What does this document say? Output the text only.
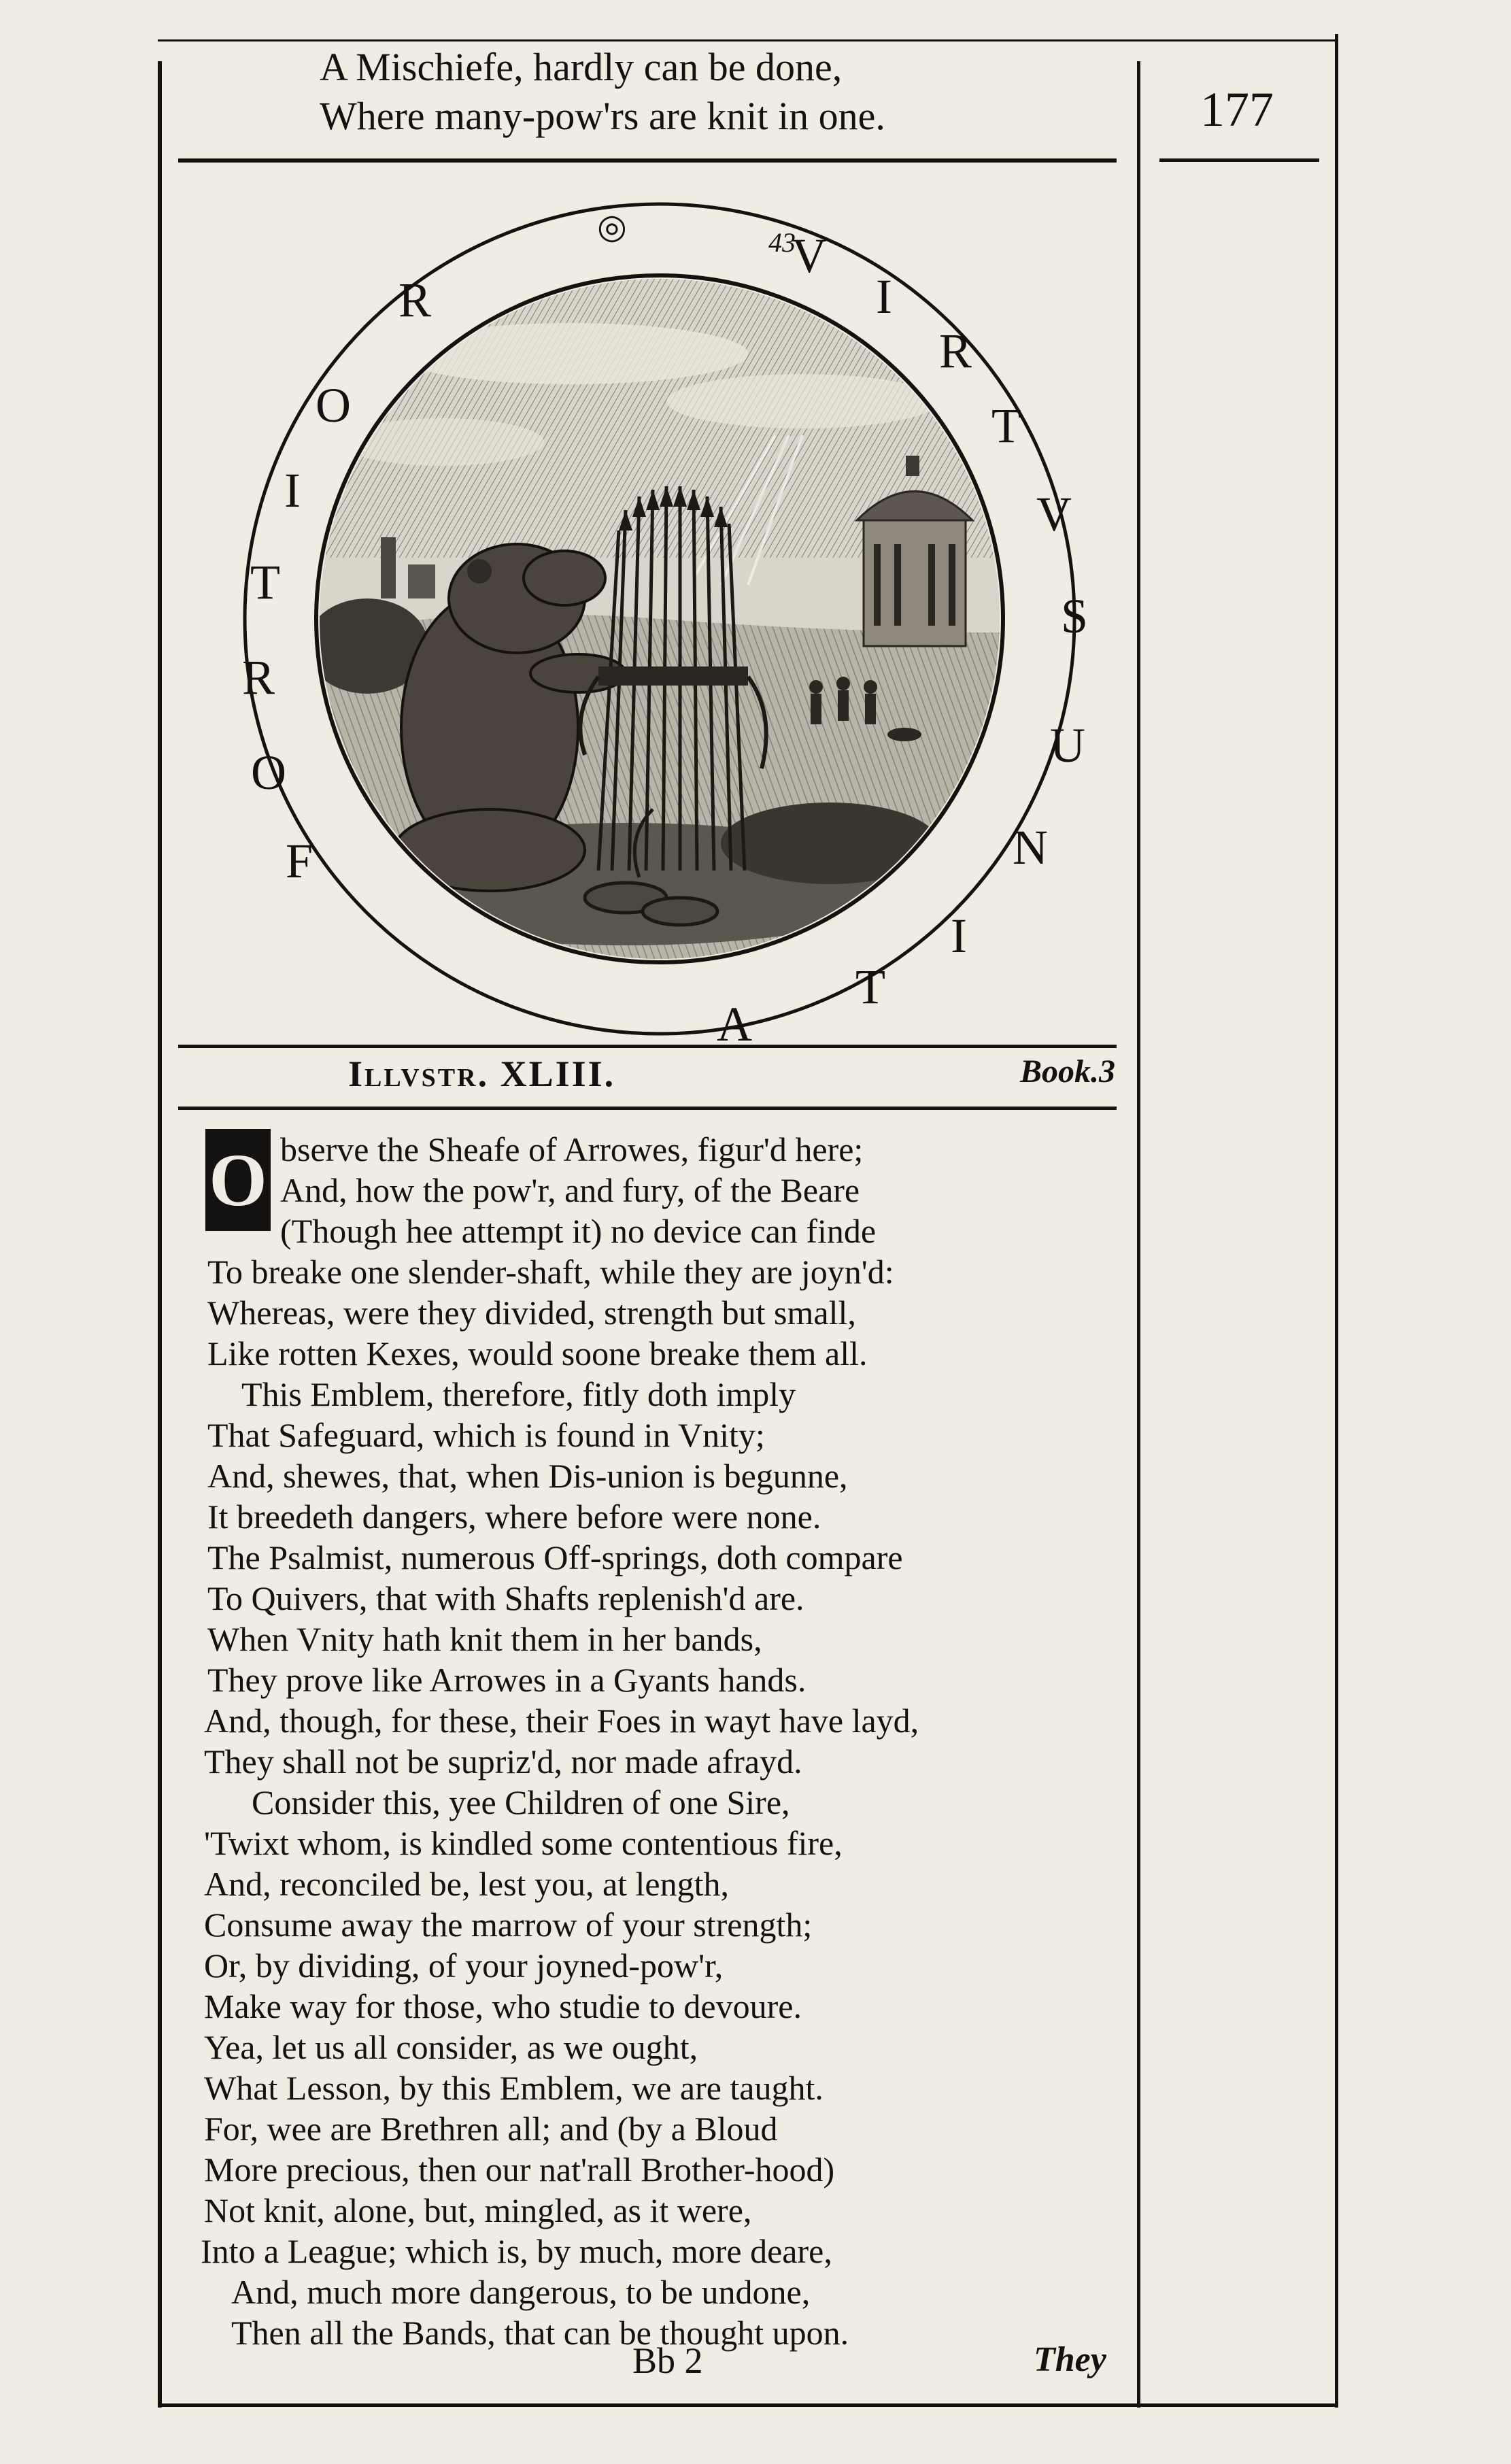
A Mischiefe, hardly can be done,
Where many-pow'rs are knit in one.	177
F
O
R
T
I
O
R
◎
V
I
R
T
V
S
U
N
I
T
A
43
Illvstr. XLIII.	Book.3
O bserve the Sheafe of Arrowes, figur'd here;
And, how the pow'r, and fury, of the Beare
(Though hee attempt it) no device can finde
To breake one slender-shaft, while they are joyn'd:
Whereas, were they divided, strength but small,
Like rotten Kexes, would soone breake them all.
This Emblem, therefore, fitly doth imply
That Safeguard, which is found in Vnity;
And, shewes, that, when Dis-union is begunne,
It breedeth dangers, where before were none.
The Psalmist, numerous Off-springs, doth compare
To Quivers, that with Shafts replenish'd are.
When Vnity hath knit them in her bands,
They prove like Arrowes in a Gyants hands.
And, though, for these, their Foes in wayt have layd,
They shall not be supriz'd, nor made afrayd.
Consider this, yee Children of one Sire,
'Twixt whom, is kindled some contentious fire,
And, reconciled be, lest you, at length,
Consume away the marrow of your strength;
Or, by dividing, of your joyned-pow'r,
Make way for those, who studie to devoure.
Yea, let us all consider, as we ought,
What Lesson, by this Emblem, we are taught.
For, wee are Brethren all; and (by a Bloud
More precious, then our nat'rall Brother-hood)
Not knit, alone, but, mingled, as it were,
Into a League; which is, by much, more deare,
And, much more dangerous, to be undone,
Then all the Bands, that can be thought upon.
Bb 2	They
